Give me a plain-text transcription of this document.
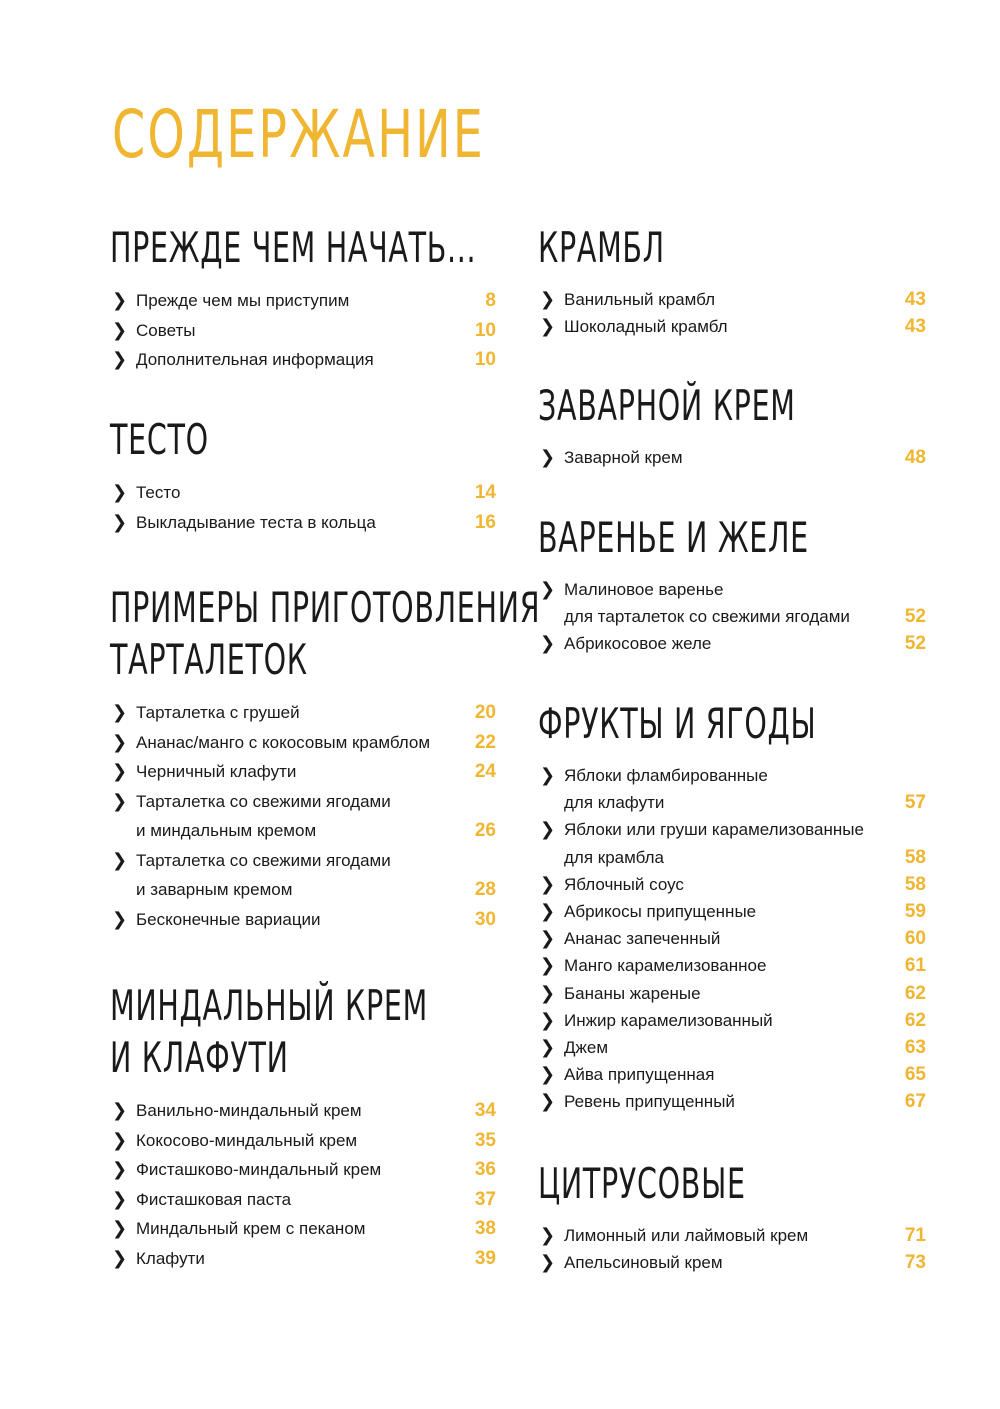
СОДЕРЖАНИЕ
ПРЕЖДЕ ЧЕМ НАЧАТЬ...
❯ Прежде чем мы приступим	8
❯ Советы	10
❯ Дополнительная информация	10
ТЕСТО
❯ Тесто	14
❯ Выкладывание теста в кольца	16
ПРИМЕРЫ ПРИГОТОВЛЕНИЯ
ТАРТАЛЕТОК
❯ Тарталетка с грушей	20
❯ Ананас/манго с кокосовым крамблом	22
❯ Черничный клафути	24
❯ Тарталетка со свежими ягодами
и миндальным кремом	26
❯ Тарталетка со свежими ягодами
и заварным кремом	28
❯ Бесконечные вариации	30
МИНДАЛЬНЫЙ КРЕМ
И КЛАФУТИ
❯ Ванильно-миндальный крем	34
❯ Кокосово-миндальный крем	35
❯ Фисташково-миндальный крем	36
❯ Фисташковая паста	37
❯ Миндальный крем с пеканом	38
❯ Клафути	39
КРАМБЛ
❯ Ванильный крамбл	43
❯ Шоколадный крамбл	43
ЗАВАРНОЙ КРЕМ
❯ Заварной крем	48
ВАРЕНЬЕ И ЖЕЛЕ
❯ Малиновое варенье
для тарталеток со свежими ягодами	52
❯ Абрикосовое желе	52
ФРУКТЫ И ЯГОДЫ
❯ Яблоки фламбированные
для клафути	57
❯ Яблоки или груши карамелизованные
для крамбла	58
❯ Яблочный соус	58
❯ Абрикосы припущенные	59
❯ Ананас запеченный	60
❯ Манго карамелизованное	61
❯ Бананы жареные	62
❯ Инжир карамелизованный	62
❯ Джем	63
❯ Айва припущенная	65
❯ Ревень припущенный	67
ЦИТРУСОВЫЕ
❯ Лимонный или лаймовый крем	71
❯ Апельсиновый крем	73
